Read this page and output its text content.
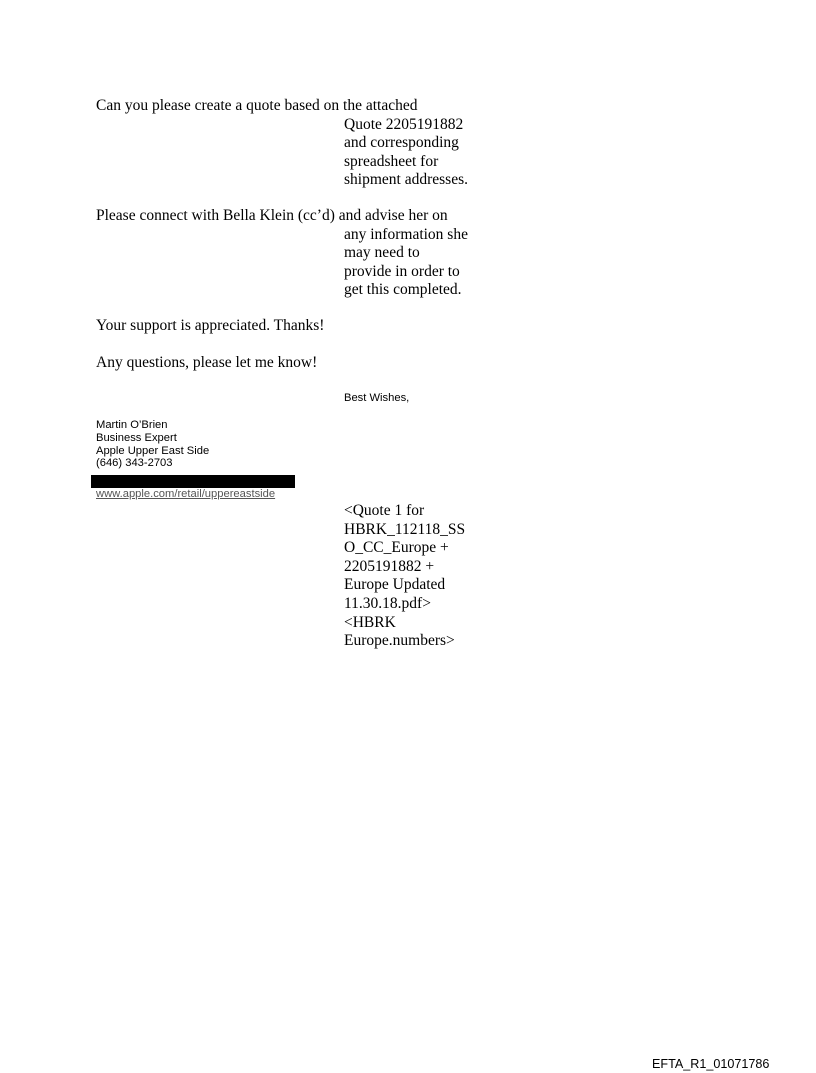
Can you please create a quote based on the attached
Quote 2205191882
and corresponding
spreadsheet for
shipment addresses.
Please connect with Bella Klein (cc’d) and advise her on
any information she
may need to
provide in order to
get this completed.
Your support is appreciated. Thanks!
Any questions, please let me know!
Best Wishes,
Martin O’Brien
Business Expert
Apple Upper East Side
(646) 343-2703
www.apple.com/retail/uppereastside
<Quote 1 for
HBRK_112118_SS
O_CC_Europe +
2205191882 +
Europe Updated
11.30.18.pdf>
<HBRK
Europe.numbers>
EFTA_R1_01071786
